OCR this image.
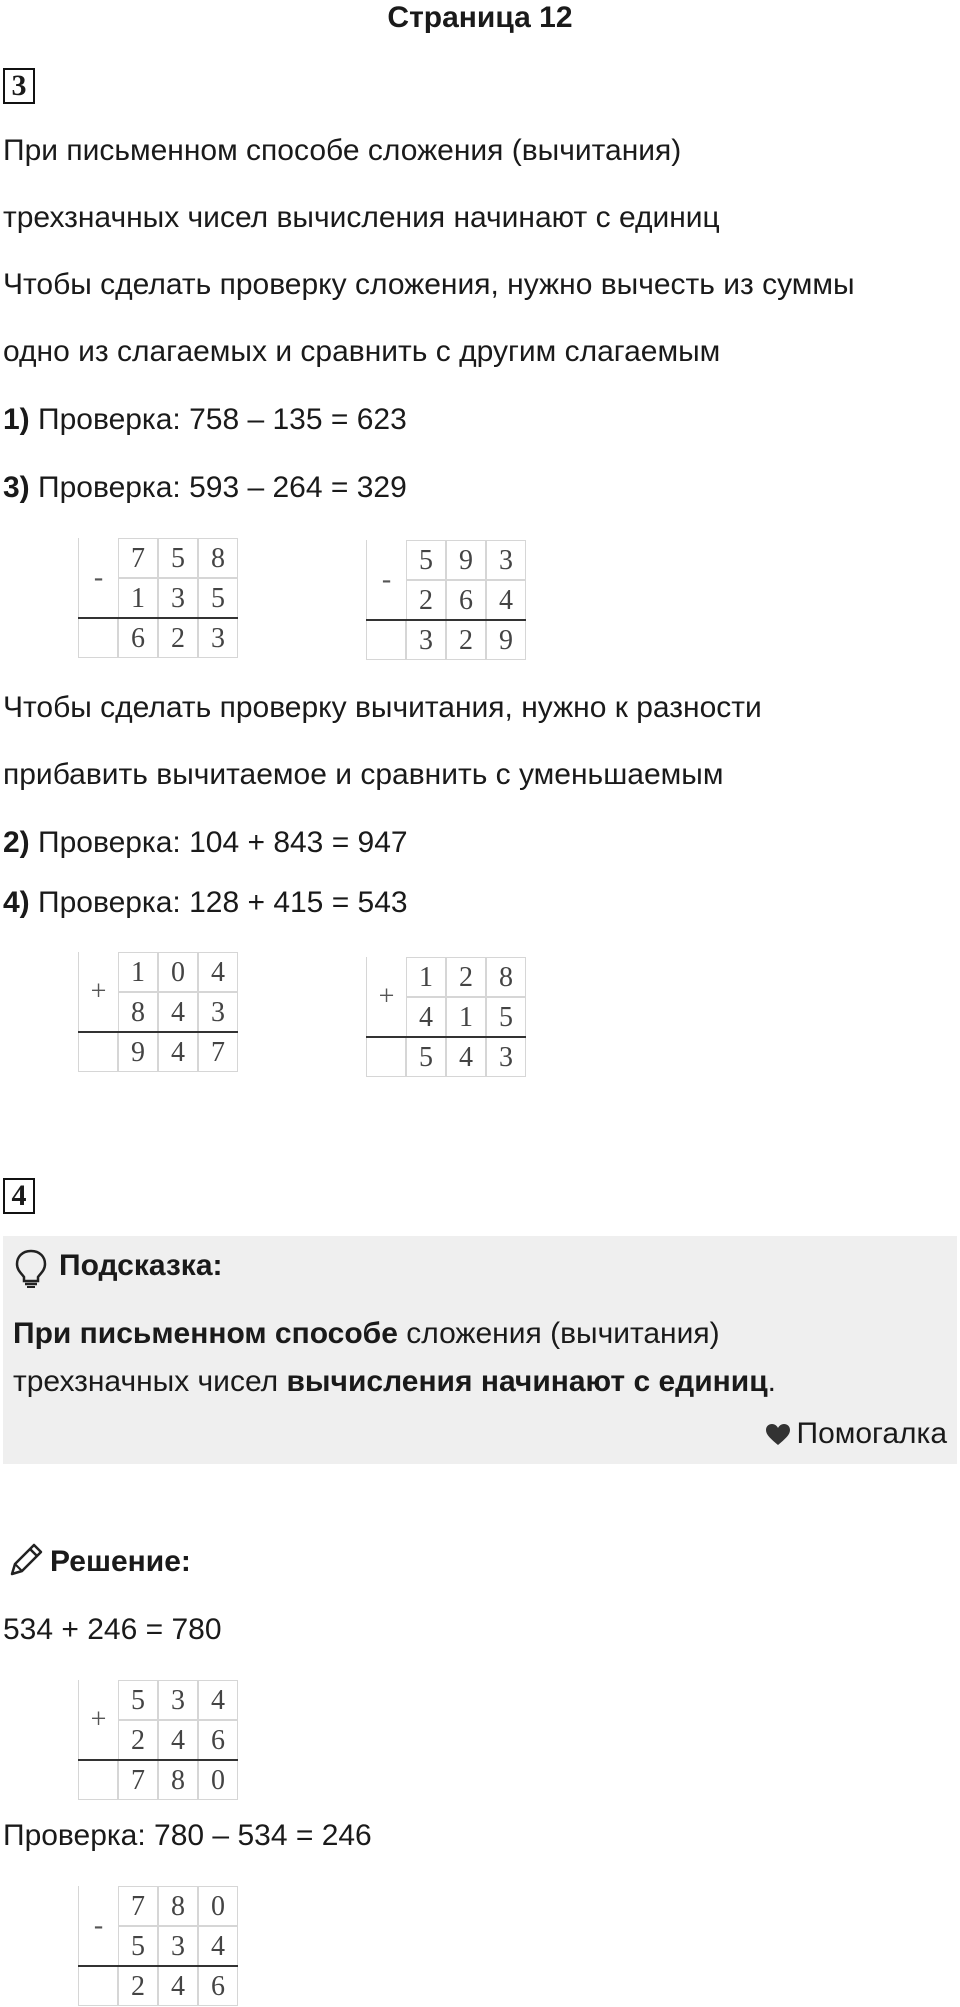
Страница 12
3
При письменном способе сложения (вычитания)
трехзначных чисел вычисления начинают с единиц
Чтобы сделать проверку сложения, нужно вычесть из суммы
одно из слагаемых и сравнить с другим слагаемым
1) Проверка: 758 – 135 = 623
3) Проверка: 593 – 264 = 329
-
7 5 8
1 3 5
6 2 3
-
5 9 3
2 6 4
3 2 9
Чтобы сделать проверку вычитания, нужно к разности
прибавить вычитаемое и сравнить с уменьшаемым
2) Проверка: 104 + 843 = 947
4) Проверка: 128 + 415 = 543
+
1 0 4
8 4 3
9 4 7
+
1 2 8
4 1 5
5 4 3
4
Подсказка:
При письменном способе сложения (вычитания)
трехзначных чисел вычисления начинают с единиц.
Помогалка
Решение:
534 + 246 = 780
+
5 3 4
2 4 6
7 8 0
Проверка: 780 – 534 = 246
-
7 8 0
5 3 4
2 4 6
